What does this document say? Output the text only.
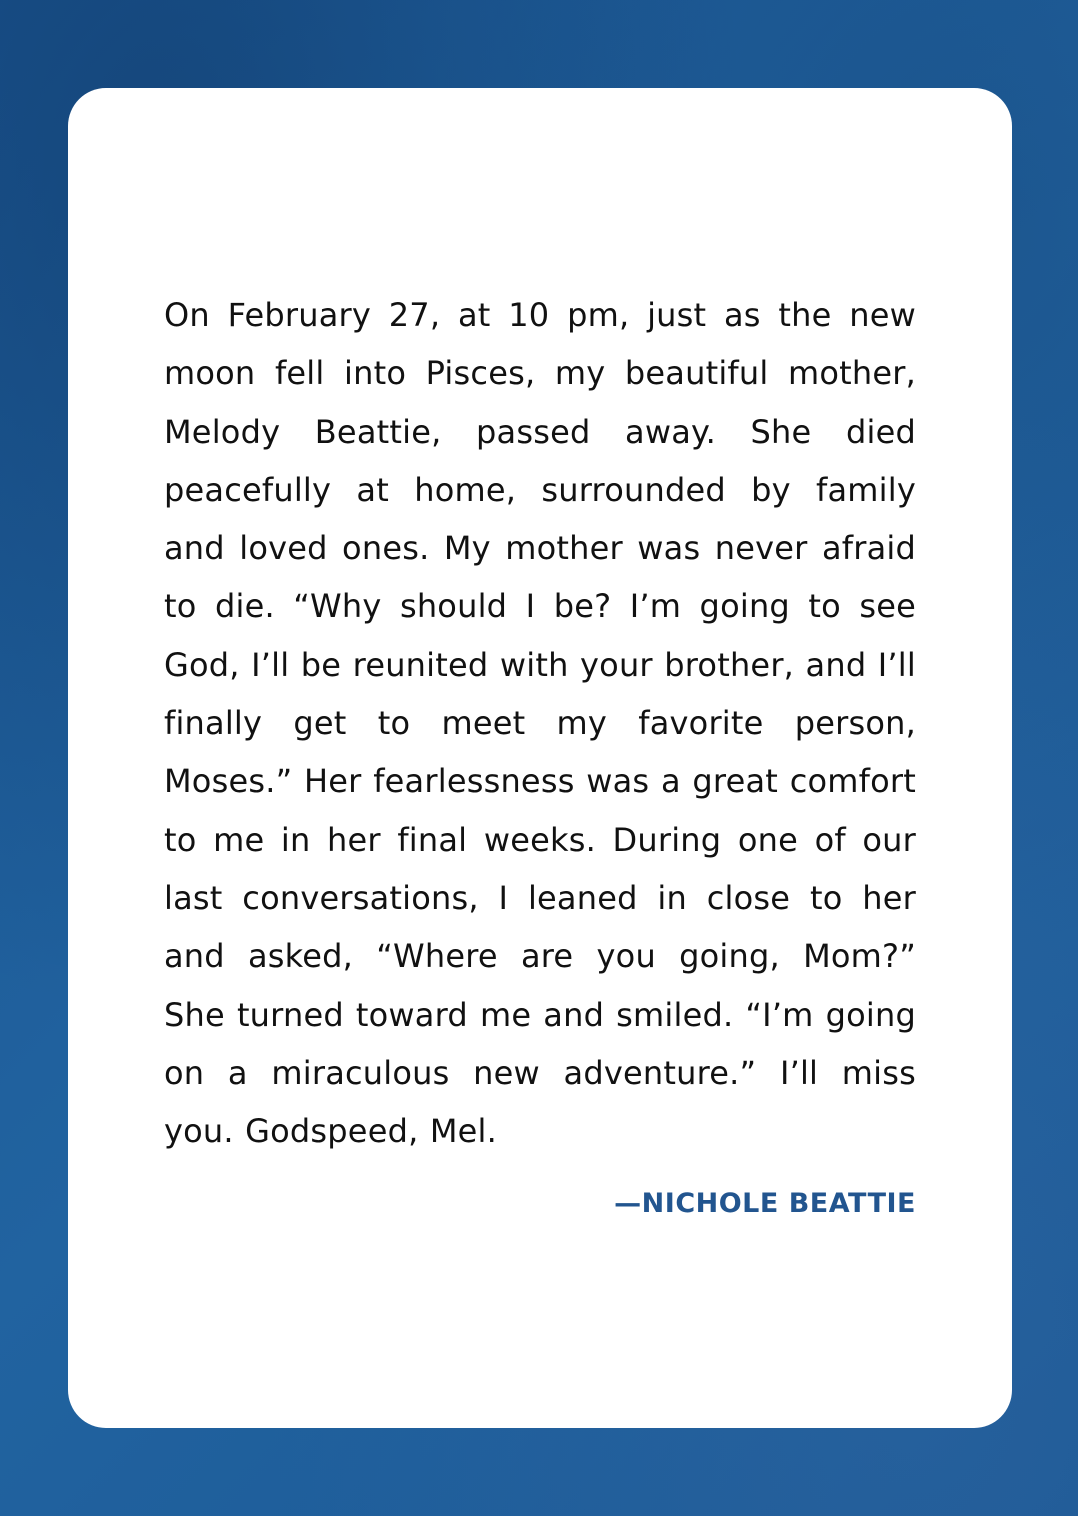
On February 27, at 10 pm, just as the new moon fell into Pisces, my beautiful mother, Melody Beattie, passed away. She died peacefully at home, surrounded by family and loved ones. My mother was never afraid to die. “Why should I be? I’m going to see God, I’ll be reunited with your brother, and I’ll finally get to meet my favorite person, Moses.” Her fearlessness was a great comfort to me in her final weeks. During one of our last conversations, I leaned in close to her and asked, “Where are you going, Mom?” She turned toward me and smiled. “I’m going on a miraculous new adventure.” I’ll miss you. Godspeed, Mel.

—NICHOLE BEATTIE
